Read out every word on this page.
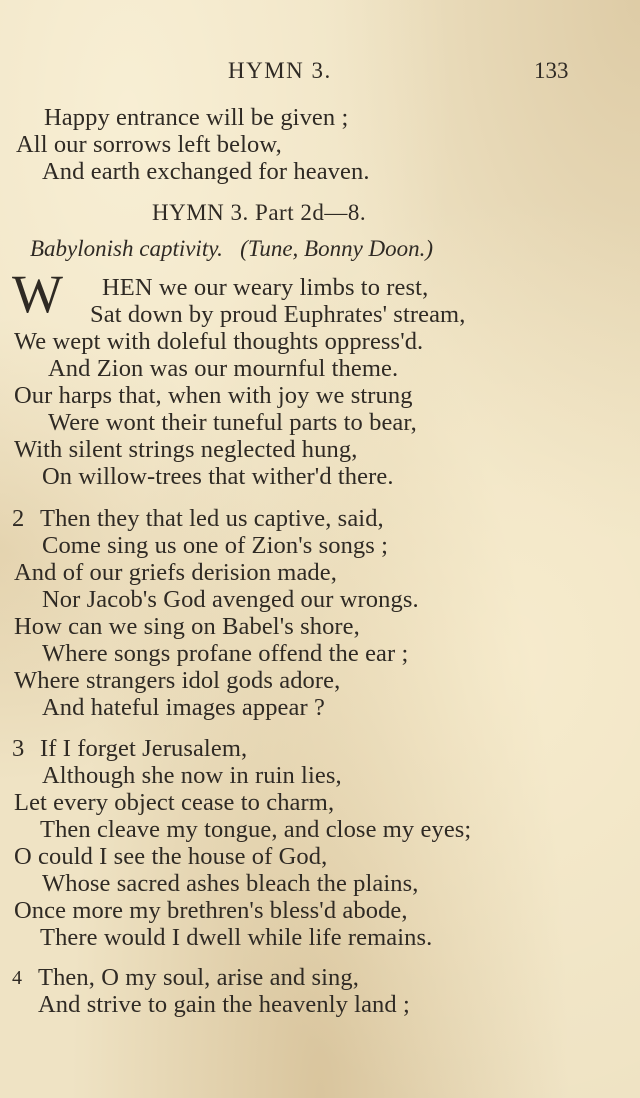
HYMN 3.	133
Happy entrance will be given ;
All our sorrows left below,
And earth exchanged for heaven.
HYMN 3. Part 2d—8.
Babylonish captivity. (Tune, Bonny Doon.)
W HEN we our weary limbs to rest,
Sat down by proud Euphrates' stream,
We wept with doleful thoughts oppress'd.
And Zion was our mournful theme.
Our harps that, when with joy we strung
Were wont their tuneful parts to bear,
With silent strings neglected hung,
On willow-trees that wither'd there.
2 Then they that led us captive, said,
Come sing us one of Zion's songs ;
And of our griefs derision made,
Nor Jacob's God avenged our wrongs.
How can we sing on Babel's shore,
Where songs profane offend the ear ;
Where strangers idol gods adore,
And hateful images appear ?
3 If I forget Jerusalem,
Although she now in ruin lies,
Let every object cease to charm,
Then cleave my tongue, and close my eyes;
O could I see the house of God,
Whose sacred ashes bleach the plains,
Once more my brethren's bless'd abode,
There would I dwell while life remains.
4 Then, O my soul, arise and sing,
And strive to gain the heavenly land ;
